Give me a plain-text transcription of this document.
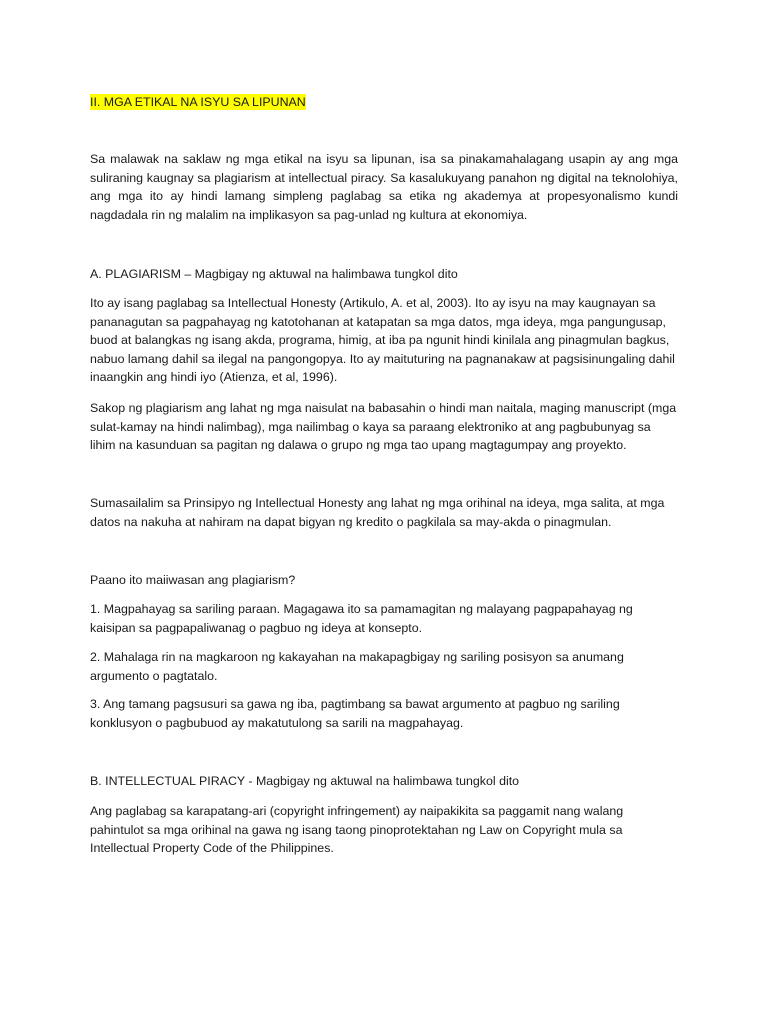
II. MGA ETIKAL NA ISYU SA LIPUNAN

Sa malawak na saklaw ng mga etikal na isyu sa lipunan, isa sa pinakamahalagang usapin ay ang mga suliraning kaugnay sa plagiarism at intellectual piracy. Sa kasalukuyang panahon ng digital na teknolohiya, ang mga ito ay hindi lamang simpleng paglabag sa etika ng akademya at propesyonalismo kundi nagdadala rin ng malalim na implikasyon sa pag-unlad ng kultura at ekonomiya.

A. PLAGIARISM – Magbigay ng aktuwal na halimbawa tungkol dito

Ito ay isang paglabag sa Intellectual Honesty (Artikulo, A. et al, 2003). Ito ay isyu na may kaugnayan sa pananagutan sa pagpahayag ng katotohanan at katapatan sa mga datos, mga ideya, mga pangungusap, buod at balangkas ng isang akda, programa, himig, at iba pa ngunit hindi kinilala ang pinagmulan bagkus, nabuo lamang dahil sa ilegal na pangongopya. Ito ay maituturing na pagnanakaw at pagsisinungaling dahil inaangkin ang hindi iyo (Atienza, et al, 1996).

Sakop ng plagiarism ang lahat ng mga naisulat na babasahin o hindi man naitala, maging manuscript (mga sulat-kamay na hindi nalimbag), mga nailimbag o kaya sa paraang elektroniko at ang pagbubunyag sa lihim na kasunduan sa pagitan ng dalawa o grupo ng mga tao upang magtagumpay ang proyekto.

Sumasailalim sa Prinsipyo ng Intellectual Honesty ang lahat ng mga orihinal na ideya, mga salita, at mga datos na nakuha at nahiram na dapat bigyan ng kredito o pagkilala sa may-akda o pinagmulan.

Paano ito maiiwasan ang plagiarism?

1. Magpahayag sa sariling paraan. Magagawa ito sa pamamagitan ng malayang pagpapahayag ng kaisipan sa pagpapaliwanag o pagbuo ng ideya at konsepto.

2. Mahalaga rin na magkaroon ng kakayahan na makapagbigay ng sariling posisyon sa anumang argumento o pagtatalo.

3. Ang tamang pagsusuri sa gawa ng iba, pagtimbang sa bawat argumento at pagbuo ng sariling konklusyon o pagbubuod ay makatutulong sa sarili na magpahayag.

B. INTELLECTUAL PIRACY - Magbigay ng aktuwal na halimbawa tungkol dito

Ang paglabag sa karapatang-ari (copyright infringement) ay naipakikita sa paggamit nang walang pahintulot sa mga orihinal na gawa ng isang taong pinoprotektahan ng Law on Copyright mula sa Intellectual Property Code of the Philippines.
